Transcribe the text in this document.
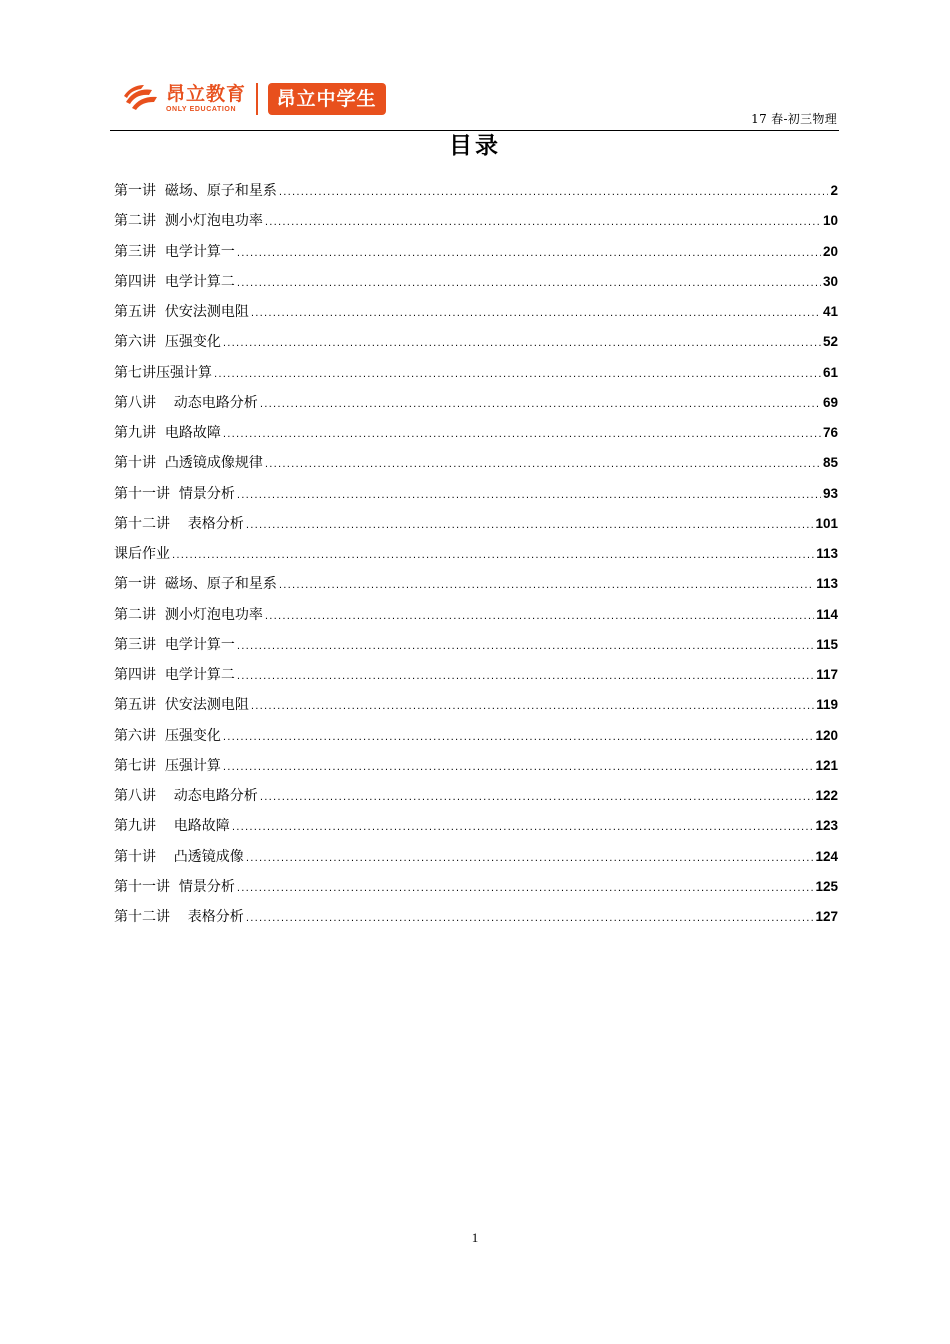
昂立教育
ONLY EDUCATION	昂立中学生
17 春-初三物理
目录
第一讲  磁场、原子和星系 .....	2
第二讲  测小灯泡电功率 .....	10
第三讲  电学计算一 .....	20
第四讲  电学计算二 .....	30
第五讲  伏安法测电阻 .....	41
第六讲  压强变化 .....	52
第七讲压强计算 .....	61
第八讲    动态电路分析 .....	69
第九讲  电路故障 .....	76
第十讲  凸透镜成像规律 .....	85
第十一讲  情景分析 .....	93
第十二讲    表格分析 .....	101
课后作业 .....	113
第一讲  磁场、原子和星系 .....	113
第二讲  测小灯泡电功率 .....	114
第三讲  电学计算一 .....	115
第四讲  电学计算二 .....	117
第五讲  伏安法测电阻 .....	119
第六讲  压强变化 .....	120
第七讲  压强计算 .....	121
第八讲    动态电路分析 .....	122
第九讲    电路故障 .....	123
第十讲    凸透镜成像 .....	124
第十一讲  情景分析 .....	125
第十二讲    表格分析 .....	127
1
